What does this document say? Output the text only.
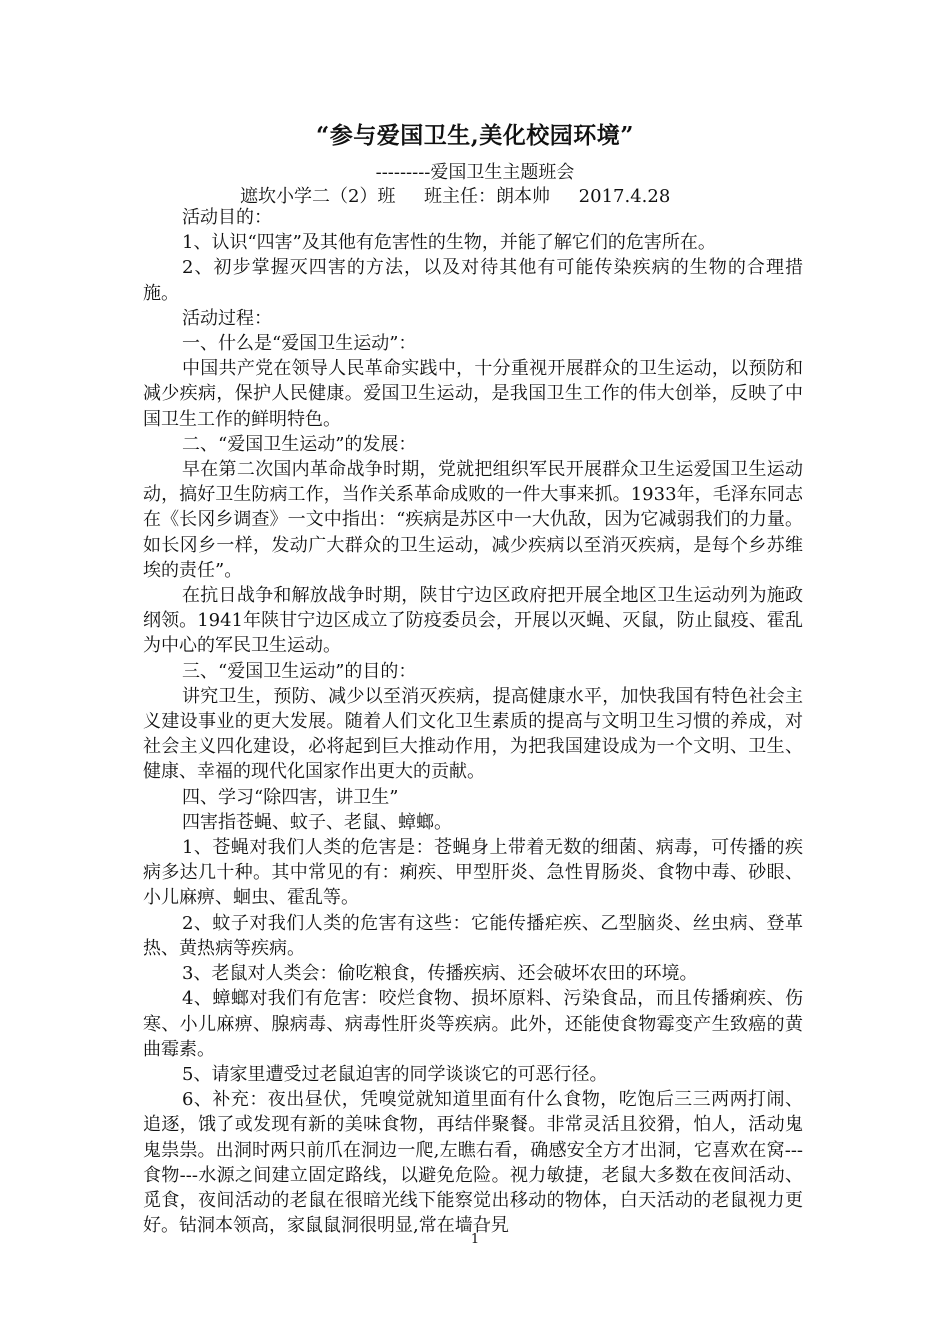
“参与爱国卫生,美化校园环境”
---------爱国卫生主题班会
遮坎小学二（2）班     班主任：朗本帅     2017.4.28

活动目的：

1、认识“四害”及其他有危害性的生物，并能了解它们的危害所在。

2、初步掌握灭四害的方法，以及对待其他有可能传染疾病的生物的合理措施。

活动过程：

一、什么是“爱国卫生运动”：

中国共产党在领导人民革命实践中，十分重视开展群众的卫生运动，以预防和减少疾病，保护人民健康。爱国卫生运动，是我国卫生工作的伟大创举，反映了中国卫生工作的鲜明特色。

二、“爱国卫生运动”的发展：

早在第二次国内革命战争时期，党就把组织军民开展群众卫生运爱国卫生运动动，搞好卫生防病工作，当作关系革命成败的一件大事来抓。1933年，毛泽东同志在《长冈乡调查》一文中指出：“疾病是苏区中一大仇敌，因为它减弱我们的力量。如长冈乡一样，发动广大群众的卫生运动，减少疾病以至消灭疾病，是每个乡苏维埃的责任”。

在抗日战争和解放战争时期，陕甘宁边区政府把开展全地区卫生运动列为施政纲领。1941年陕甘宁边区成立了防疫委员会，开展以灭蝇、灭鼠，防止鼠疫、霍乱为中心的军民卫生运动。

三、“爱国卫生运动”的目的：

讲究卫生，预防、减少以至消灭疾病，提高健康水平，加快我国有特色社会主义建设事业的更大发展。随着人们文化卫生素质的提高与文明卫生习惯的养成，对社会主义四化建设，必将起到巨大推动作用，为把我国建设成为一个文明、卫生、健康、幸福的现代化国家作出更大的贡献。

四、学习“除四害，讲卫生”

四害指苍蝇、蚊子、老鼠、蟑螂。

1、苍蝇对我们人类的危害是：苍蝇身上带着无数的细菌、病毒，可传播的疾病多达几十种。其中常见的有：痢疾、甲型肝炎、急性胃肠炎、食物中毒、砂眼、小儿麻痹、蛔虫、霍乱等。

2、蚊子对我们人类的危害有这些：它能传播疟疾、乙型脑炎、丝虫病、登革热、黄热病等疾病。

3、老鼠对人类会：偷吃粮食，传播疾病、还会破坏农田的环境。

4、蟑螂对我们有危害：咬烂食物、损坏原料、污染食品，而且传播痢疾、伤寒、小儿麻痹、腺病毒、病毒性肝炎等疾病。此外，还能使食物霉变产生致癌的黄曲霉素。

5、请家里遭受过老鼠迫害的同学谈谈它的可恶行径。

6、补充：夜出昼伏，凭嗅觉就知道里面有什么食物，吃饱后三三两两打闹、追逐，饿了或发现有新的美味食物，再结伴聚餐。非常灵活且狡猾，怕人，活动鬼鬼祟祟。出洞时两只前爪在洞边一爬,左瞧右看，确感安全方才出洞，它喜欢在窝---食物---水源之间建立固定路线，以避免危险。视力敏捷，老鼠大多数在夜间活动、觅食，夜间活动的老鼠在很暗光线下能察觉出移动的物体，白天活动的老鼠视力更好。钻洞本领高，家鼠鼠洞很明显,常在墙旮旯

1
